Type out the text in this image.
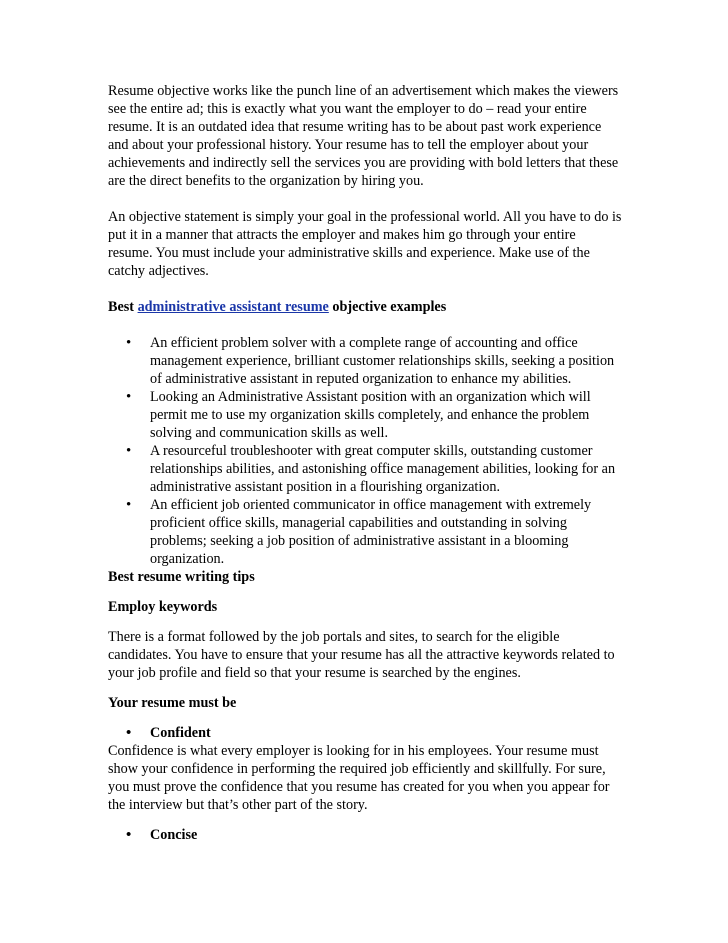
Resume objective works like the punch line of an advertisement which makes the viewers see the entire ad; this is exactly what you want the employer to do – read your entire resume. It is an outdated idea that resume writing has to be about past work experience and about your professional history. Your resume has to tell the employer about your achievements and indirectly sell the services you are providing with bold letters that these are the direct benefits to the organization by hiring you.

An objective statement is simply your goal in the professional world. All you have to do is put it in a manner that attracts the employer and makes him go through your entire resume. You must include your administrative skills and experience. Make use of the catchy adjectives.

Best administrative assistant resume objective examples

• An efficient problem solver with a complete range of accounting and office management experience, brilliant customer relationships skills, seeking a position of administrative assistant in reputed organization to enhance my abilities.
• Looking an Administrative Assistant position with an organization which will permit me to use my organization skills completely, and enhance the problem solving and communication skills as well.
• A resourceful troubleshooter with great computer skills, outstanding customer relationships abilities, and astonishing office management abilities, looking for an administrative assistant position in a flourishing organization.
• An efficient job oriented communicator in office management with extremely proficient office skills, managerial capabilities and outstanding in solving problems; seeking a job position of administrative assistant in a blooming organization.

Best resume writing tips

Employ keywords

There is a format followed by the job portals and sites, to search for the eligible candidates. You have to ensure that your resume has all the attractive keywords related to your job profile and field so that your resume is searched by the engines.

Your resume must be

• Confident

Confidence is what every employer is looking for in his employees. Your resume must show your confidence in performing the required job efficiently and skillfully. For sure, you must prove the confidence that you resume has created for you when you appear for the interview but that’s other part of the story.

• Concise
